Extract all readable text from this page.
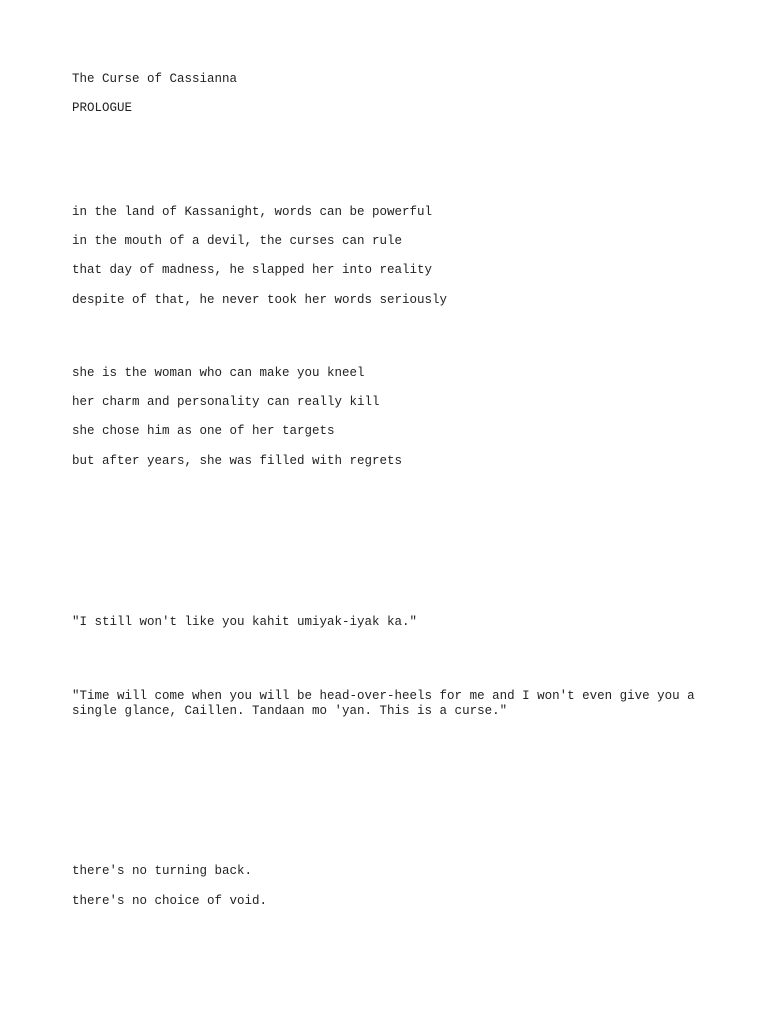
The Curse of Cassianna
PROLOGUE
in the land of Kassanight, words can be powerful
in the mouth of a devil, the curses can rule
that day of madness, he slapped her into reality
despite of that, he never took her words seriously
she is the woman who can make you kneel
her charm and personality can really kill
she chose him as one of her targets
but after years, she was filled with regrets
"I still won't like you kahit umiyak-iyak ka."
"Time will come when you will be head-over-heels for me and I won't even give you a single glance, Caillen. Tandaan mo 'yan. This is a curse."
there's no turning back.
there's no choice of void.
